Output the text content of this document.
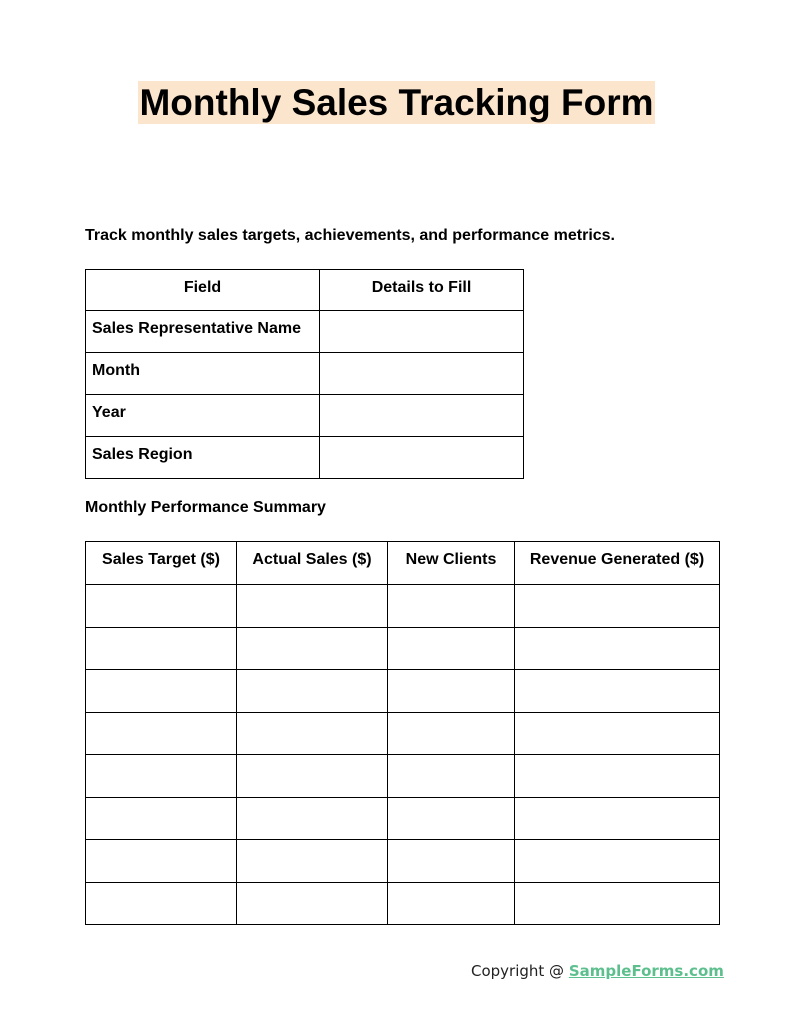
Monthly Sales Tracking Form
Track monthly sales targets, achievements, and performance metrics.
Field	Details to Fill
Sales Representative Name	
Month	
Year	
Sales Region	
Monthly Performance Summary
Sales Target ($)	Actual Sales ($)	New Clients	Revenue Generated ($)

Copyright @ SampleForms.com
